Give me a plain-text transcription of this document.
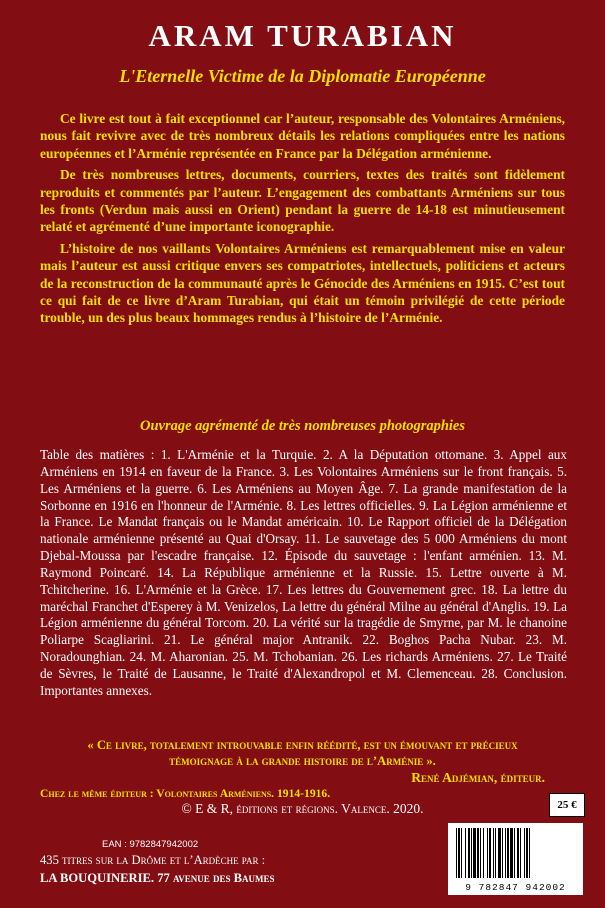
ARAM TURABIAN
L'Eternelle Victime de la Diplomatie Européenne

Ce livre est tout à fait exceptionnel car l’auteur, responsable des Volontaires Arméniens, nous fait revivre avec de très nombreux détails les relations compliquées entre les nations européennes et l’Arménie représentée en France par la Délégation arménienne.

De très nombreuses lettres, documents, courriers, textes des traités sont fidèlement reproduits et commentés par l’auteur. L’engagement des combattants Arméniens sur tous les fronts (Verdun mais aussi en Orient) pendant la guerre de 14-18 est minutieusement relaté et agrémenté d’une importante iconographie.

L’histoire de nos vaillants Volontaires Arméniens est remarquablement mise en valeur mais l’auteur est aussi critique envers ses compatriotes, intellectuels, politiciens et acteurs de la reconstruction de la communauté après le Génocide des Arméniens en 1915. C’est tout ce qui fait de ce livre d’Aram Turabian, qui était un témoin privilégié de cette période trouble, un des plus beaux hommages rendus à l’histoire de l’Arménie.

Ouvrage agrémenté de très nombreuses photographies
Table des matières : 1. L'Arménie et la Turquie. 2. A la Députation ottomane. 3. Appel aux Arméniens en 1914 en faveur de la France. 3. Les Volontaires Arméniens sur le front français. 5. Les Arméniens et la guerre. 6. Les Arméniens au Moyen Âge. 7. La grande manifestation de la Sorbonne en 1916 en l'honneur de l'Arménie. 8. Les lettres officielles. 9. La Légion arménienne et la France. Le Mandat français ou le Mandat américain. 10. Le Rapport officiel de la Délégation nationale arménienne présenté au Quai d'Orsay. 11. Le sauvetage des 5 000 Arméniens du mont Djebal-Moussa par l'escadre française. 12. Épisode du sauvetage : l'enfant arménien. 13. M. Raymond Poincaré. 14. La République arménienne et la Russie. 15. Lettre ouverte à M. Tchitcherine. 16. L'Arménie et la Grèce. 17. Les lettres du Gouvernement grec. 18. La lettre du maréchal Franchet d'Esperey à M. Venizelos, La lettre du général Milne au général d'Anglis. 19. La Légion arménienne du général Torcom. 20. La vérité sur la tragédie de Smyrne, par M. le chanoine Poliarpe Scagliarini. 21. Le général major Antranik. 22. Boghos Pacha Nubar. 23. M. Noradounghian. 24. M. Aharonian. 25. M. Tchobanian. 26. Les richards Arméniens. 27. Le Traité de Sèvres, le Traité de Lausanne, le Traité d'Alexandropol et M. Clemenceau. 28. Conclusion. Importantes annexes.
« Ce livre, totalement introuvable enfin réédité, est un émouvant et précieux témoignage à la grande histoire de l’Arménie ».
René Adjémian, éditeur.
Chez le même éditeur : Volontaires Arméniens. 1914-1916.
© E & R, éditions et régions. Valence. 2020.	25 €
EAN : 9782847942002
435 titres sur la Drôme et l’Ardèche par :
LA BOUQUINERIE. 77 avenue des Baumes
9 782847 942002
